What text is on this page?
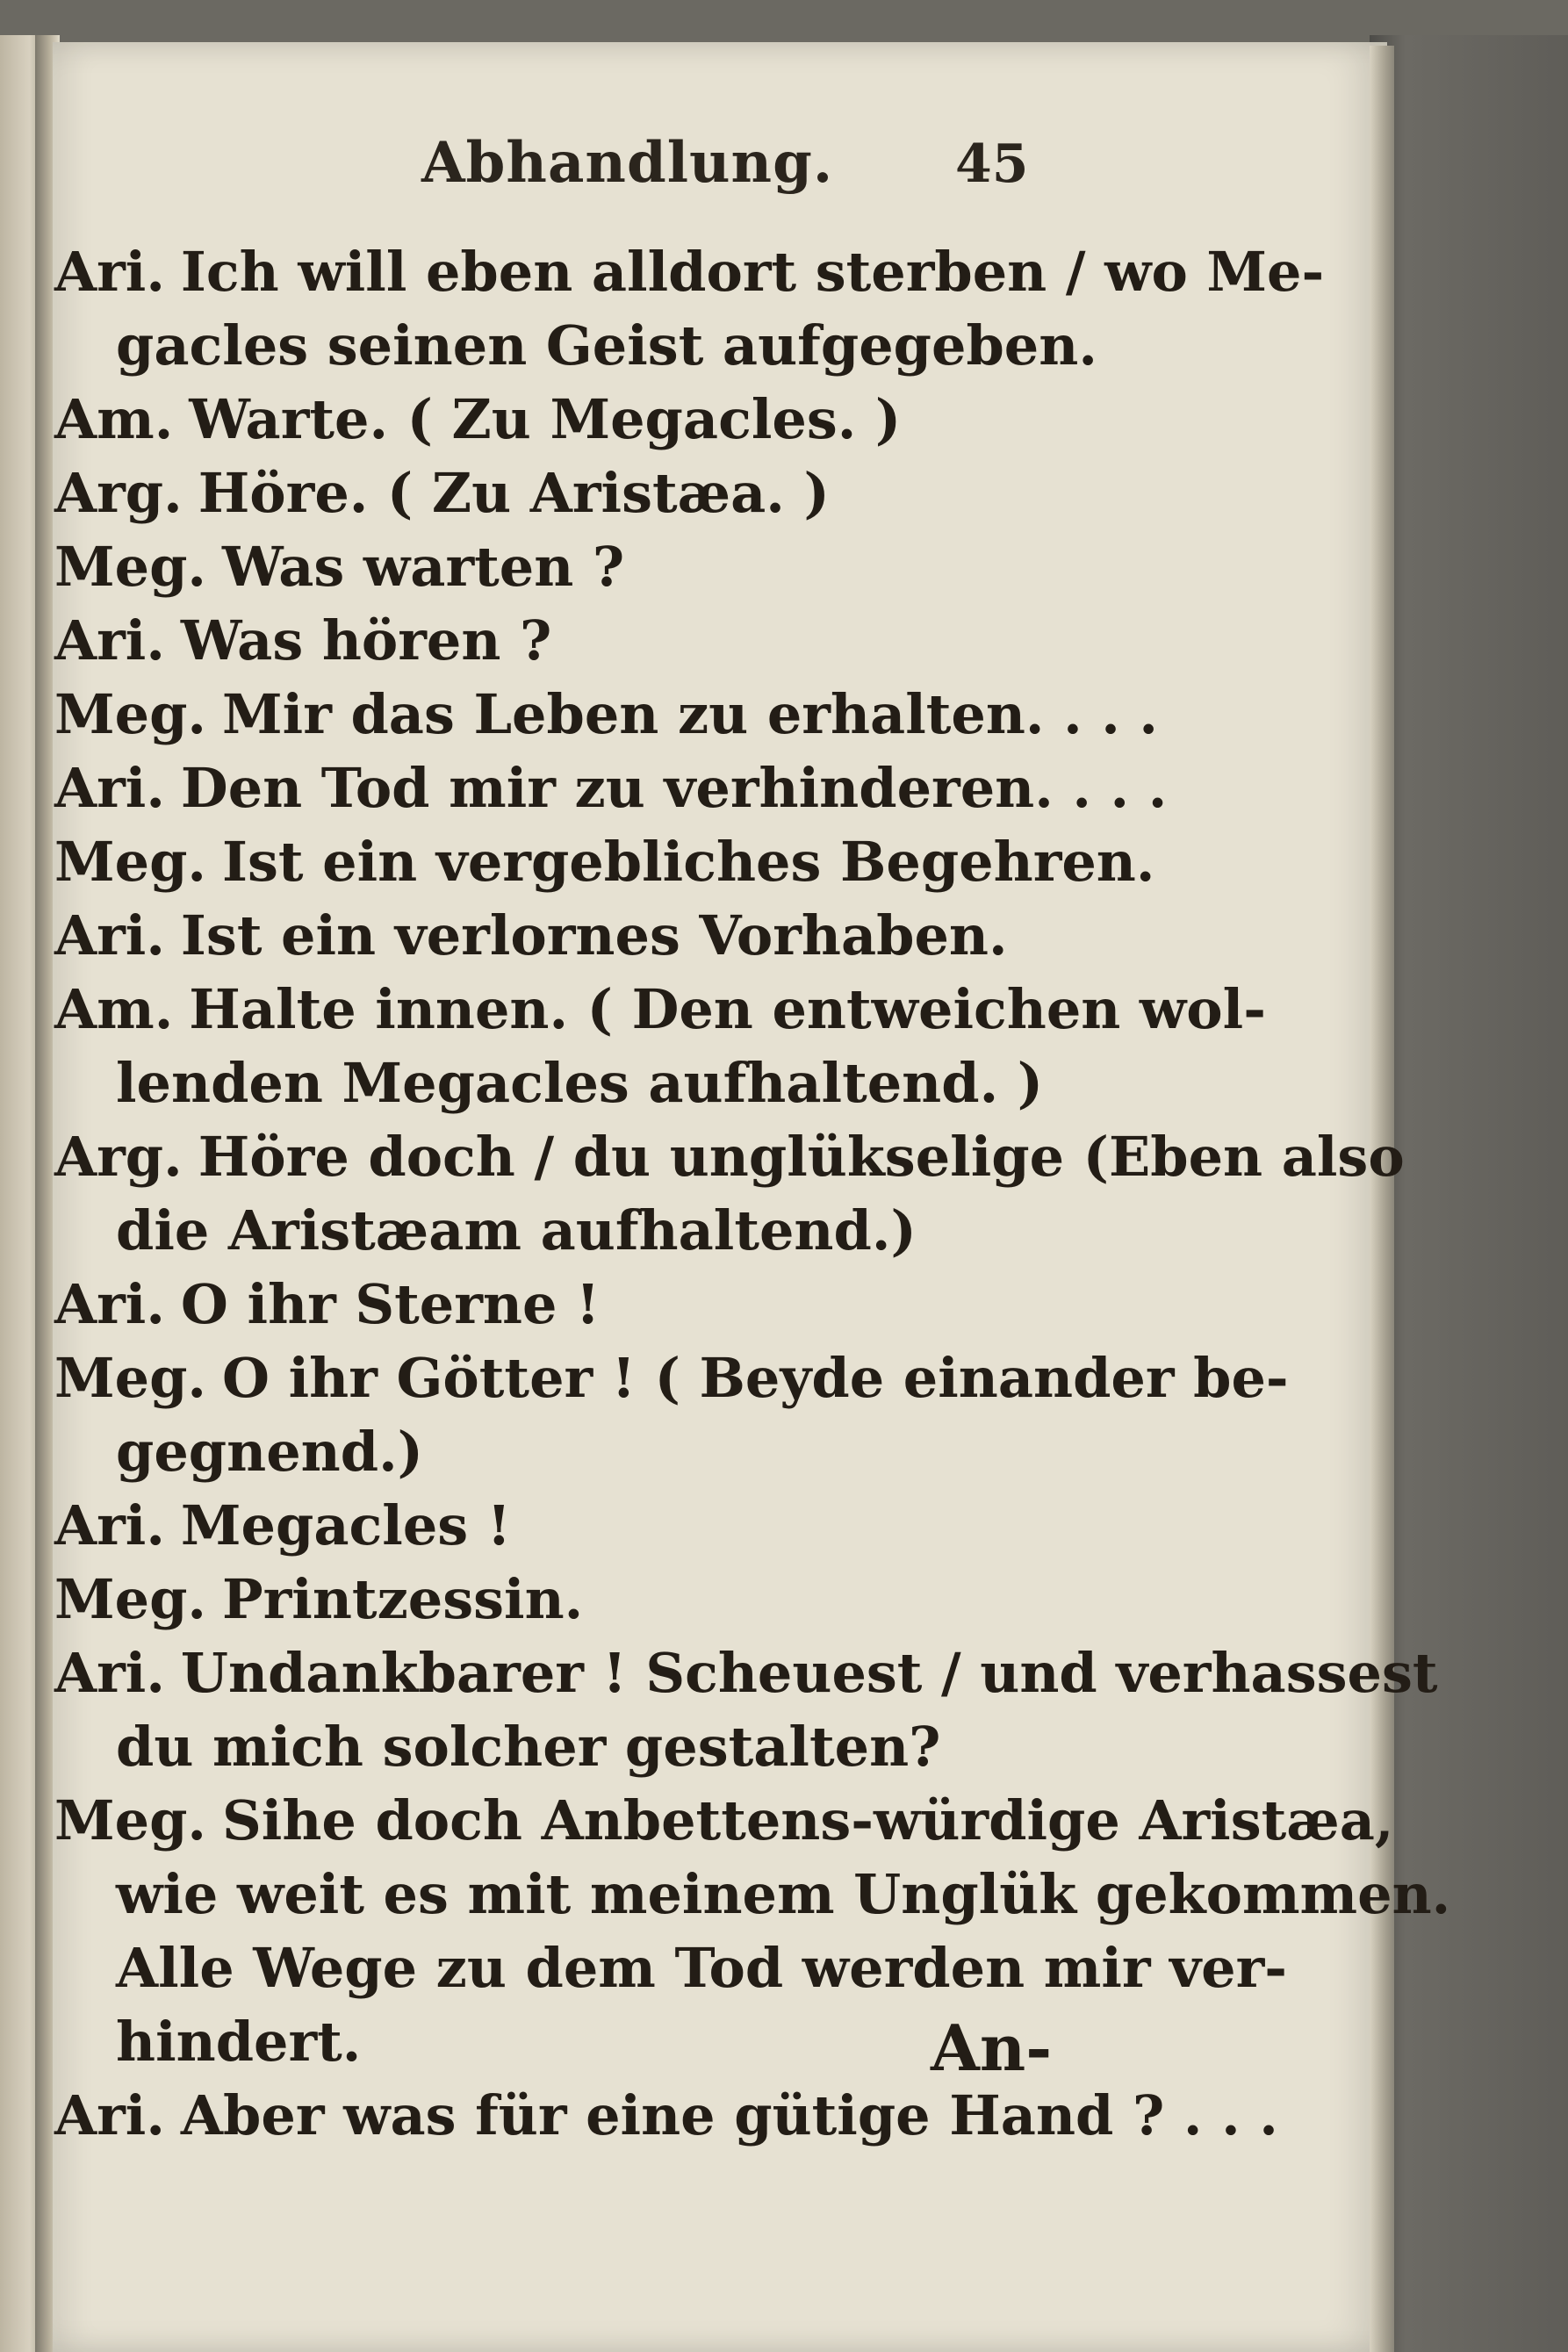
Abhandlung. 45
Ari. Ich will eben alldort sterben / wo Me-
gacles seinen Geist aufgegeben.
Am. Warte. ( Zu Megacles. )
Arg. Höre. ( Zu Aristæa. )
Meg. Was warten ?
Ari. Was hören ?
Meg. Mir das Leben zu erhalten. . . .
Ari. Den Tod mir zu verhinderen. . . .
Meg. Ist ein vergebliches Begehren.
Ari. Ist ein verlornes Vorhaben.
Am. Halte innen. ( Den entweichen wol-
lenden Megacles aufhaltend. )
Arg. Höre doch / du unglükselige (Eben also
die Aristæam aufhaltend.)
Ari. O ihr Sterne !
Meg. O ihr Götter ! ( Beyde einander be-
gegnend.)
Ari. Megacles !
Meg. Printzessin.
Ari. Undankbarer ! Scheuest / und verhassest
du mich solcher gestalten?
Meg. Sihe doch Anbettens-würdige Aristæa,
wie weit es mit meinem Unglük gekommen.
Alle Wege zu dem Tod werden mir ver-
hindert.
Ari. Aber was für eine gütige Hand ? . . .
An-
